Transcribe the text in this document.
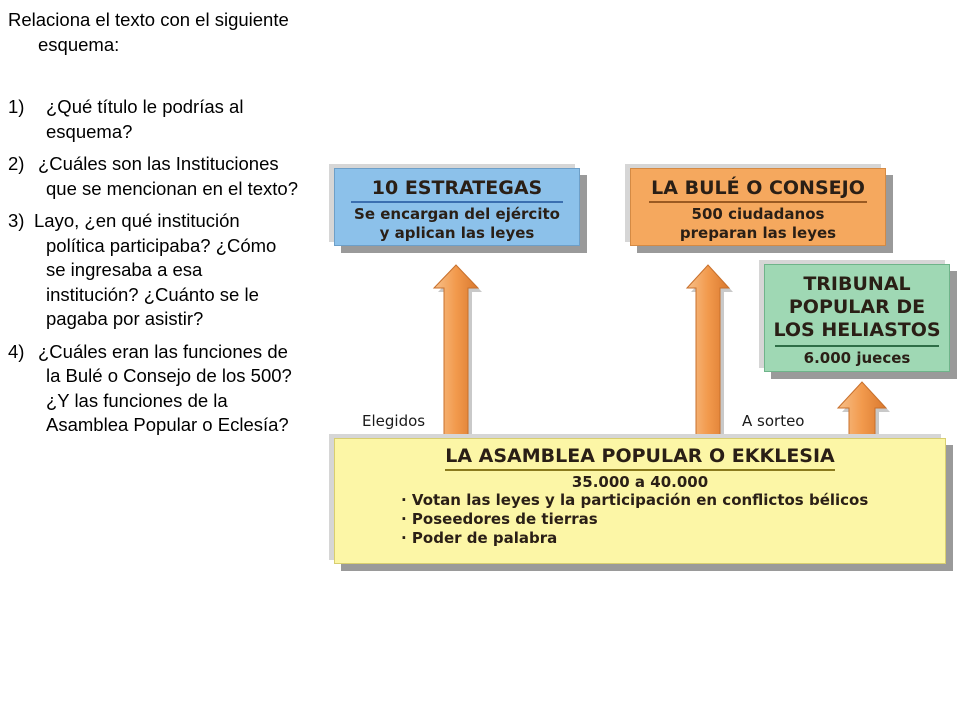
Relaciona el texto con el siguiente esquema:

1) ¿Qué título le podrías al esquema?
2) ¿Cuáles son las Instituciones que se mencionan en el texto?
3) Layo, ¿en qué institución política participaba? ¿Cómo se ingresaba a esa institución? ¿Cuánto se le pagaba por asistir?
4) ¿Cuáles eran las funciones de la Bulé o Consejo de los 500? ¿Y las funciones de la Asamblea Popular o Eclesía?
10 ESTRATEGAS
Se encargan del ejército
y aplican las leyes
LA BULÉ O CONSEJO
500 ciudadanos
preparan las leyes
TRIBUNAL
POPULAR DE
LOS HELIASTOS
6.000 jueces
Elegidos	A sorteo
LA ASAMBLEA POPULAR O EKKLESIA
35.000 a 40.000
· Votan las leyes y la participación en conflictos bélicos
· Poseedores de tierras
· Poder de palabra
